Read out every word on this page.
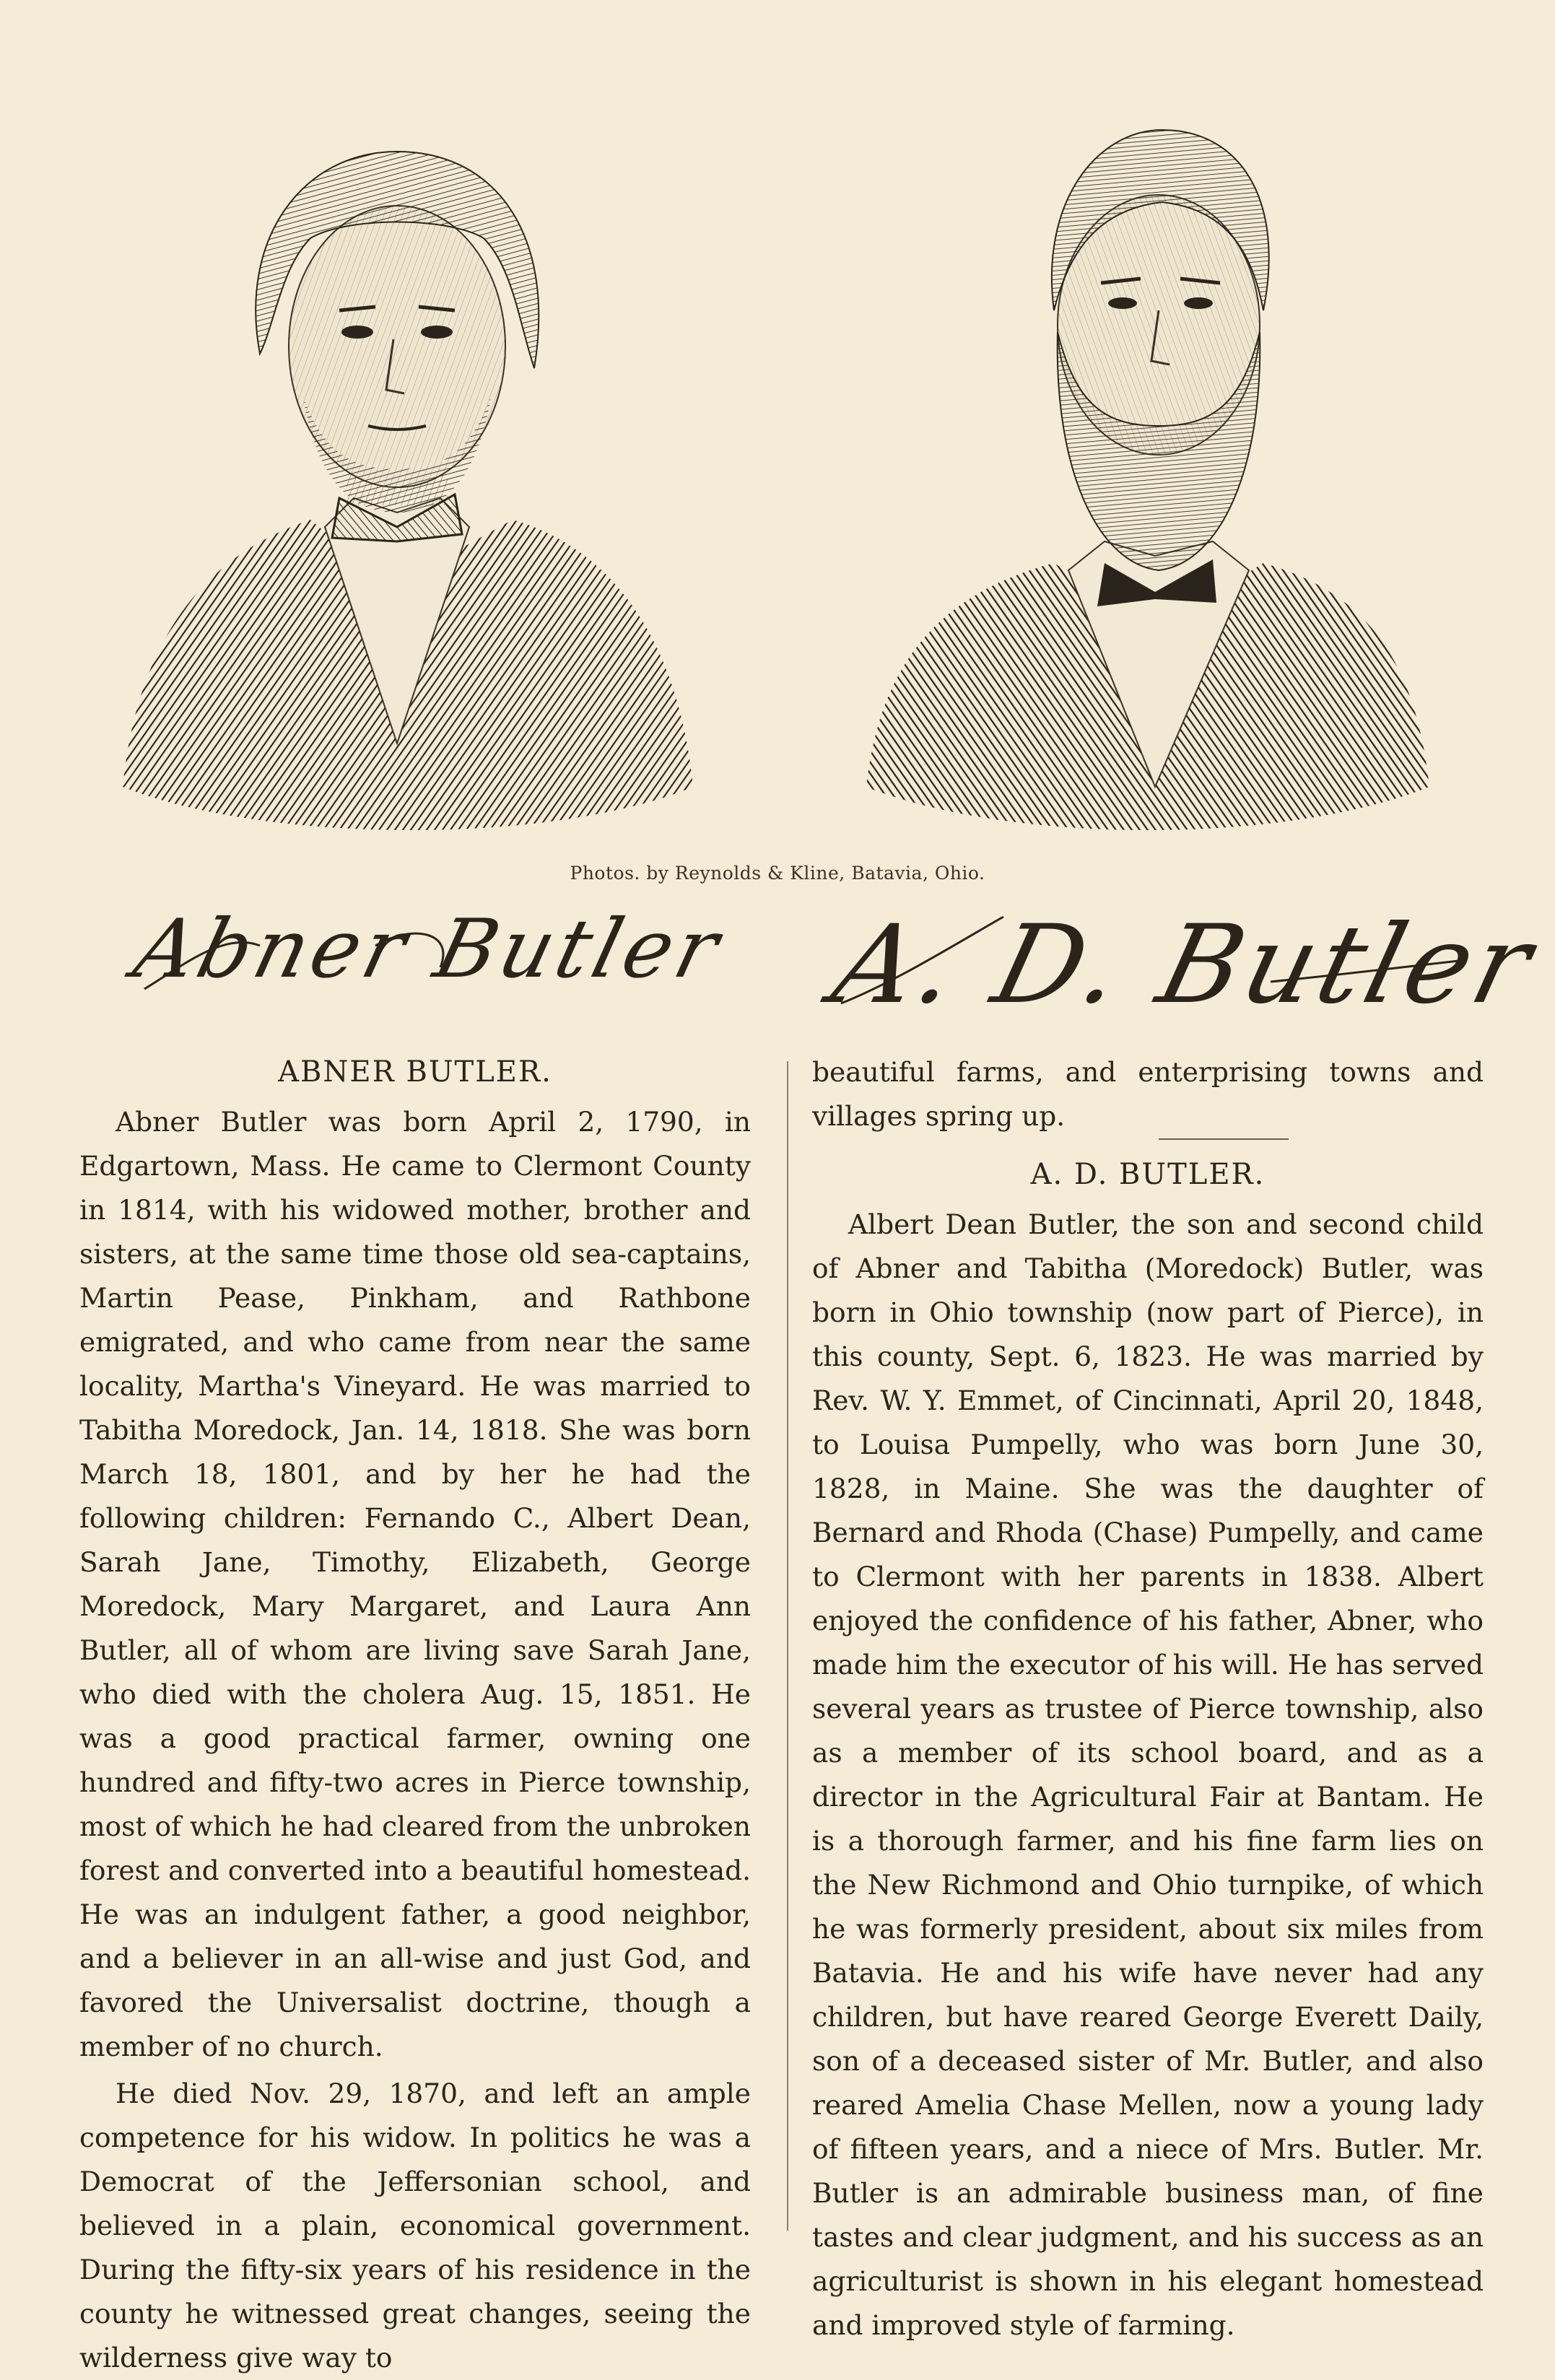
Photos. by Reynolds & Kline, Batavia, Ohio.
Abner Butler A. D. Butler
ABNER BUTLER.

Abner Butler was born April 2, 1790, in Edgartown, Mass. He came to Clermont County in 1814, with his widowed mother, brother and sisters, at the same time those old sea-captains, Martin Pease, Pinkham, and Rathbone emigrated, and who came from near the same locality, Martha's Vineyard. He was married to Tabitha Moredock, Jan. 14, 1818. She was born March 18, 1801, and by her he had the following children: Fernando C., Albert Dean, Sarah Jane, Timothy, Elizabeth, George Moredock, Mary Margaret, and Laura Ann Butler, all of whom are living save Sarah Jane, who died with the cholera Aug. 15, 1851. He was a good practical farmer, owning one hundred and fifty-two acres in Pierce township, most of which he had cleared from the unbroken forest and converted into a beautiful homestead. He was an indulgent father, a good neighbor, and a believer in an all-wise and just God, and favored the Universalist doctrine, though a member of no church.

He died Nov. 29, 1870, and left an ample competence for his widow. In politics he was a Democrat of the Jeffersonian school, and believed in a plain, economical government. During the fifty-six years of his residence in the county he witnessed great changes, seeing the wilderness give way to

beautiful farms, and enterprising towns and villages spring up.

A. D. BUTLER.

Albert Dean Butler, the son and second child of Abner and Tabitha (Moredock) Butler, was born in Ohio township (now part of Pierce), in this county, Sept. 6, 1823. He was married by Rev. W. Y. Emmet, of Cincinnati, April 20, 1848, to Louisa Pumpelly, who was born June 30, 1828, in Maine. She was the daughter of Bernard and Rhoda (Chase) Pumpelly, and came to Clermont with her parents in 1838. Albert enjoyed the confidence of his father, Abner, who made him the executor of his will. He has served several years as trustee of Pierce township, also as a member of its school board, and as a director in the Agricultural Fair at Bantam. He is a thorough farmer, and his fine farm lies on the New Richmond and Ohio turnpike, of which he was formerly president, about six miles from Batavia. He and his wife have never had any children, but have reared George Everett Daily, son of a deceased sister of Mr. Butler, and also reared Amelia Chase Mellen, now a young lady of fifteen years, and a niece of Mrs. Butler. Mr. Butler is an admirable business man, of fine tastes and clear judgment, and his success as an agriculturist is shown in his elegant homestead and improved style of farming.
